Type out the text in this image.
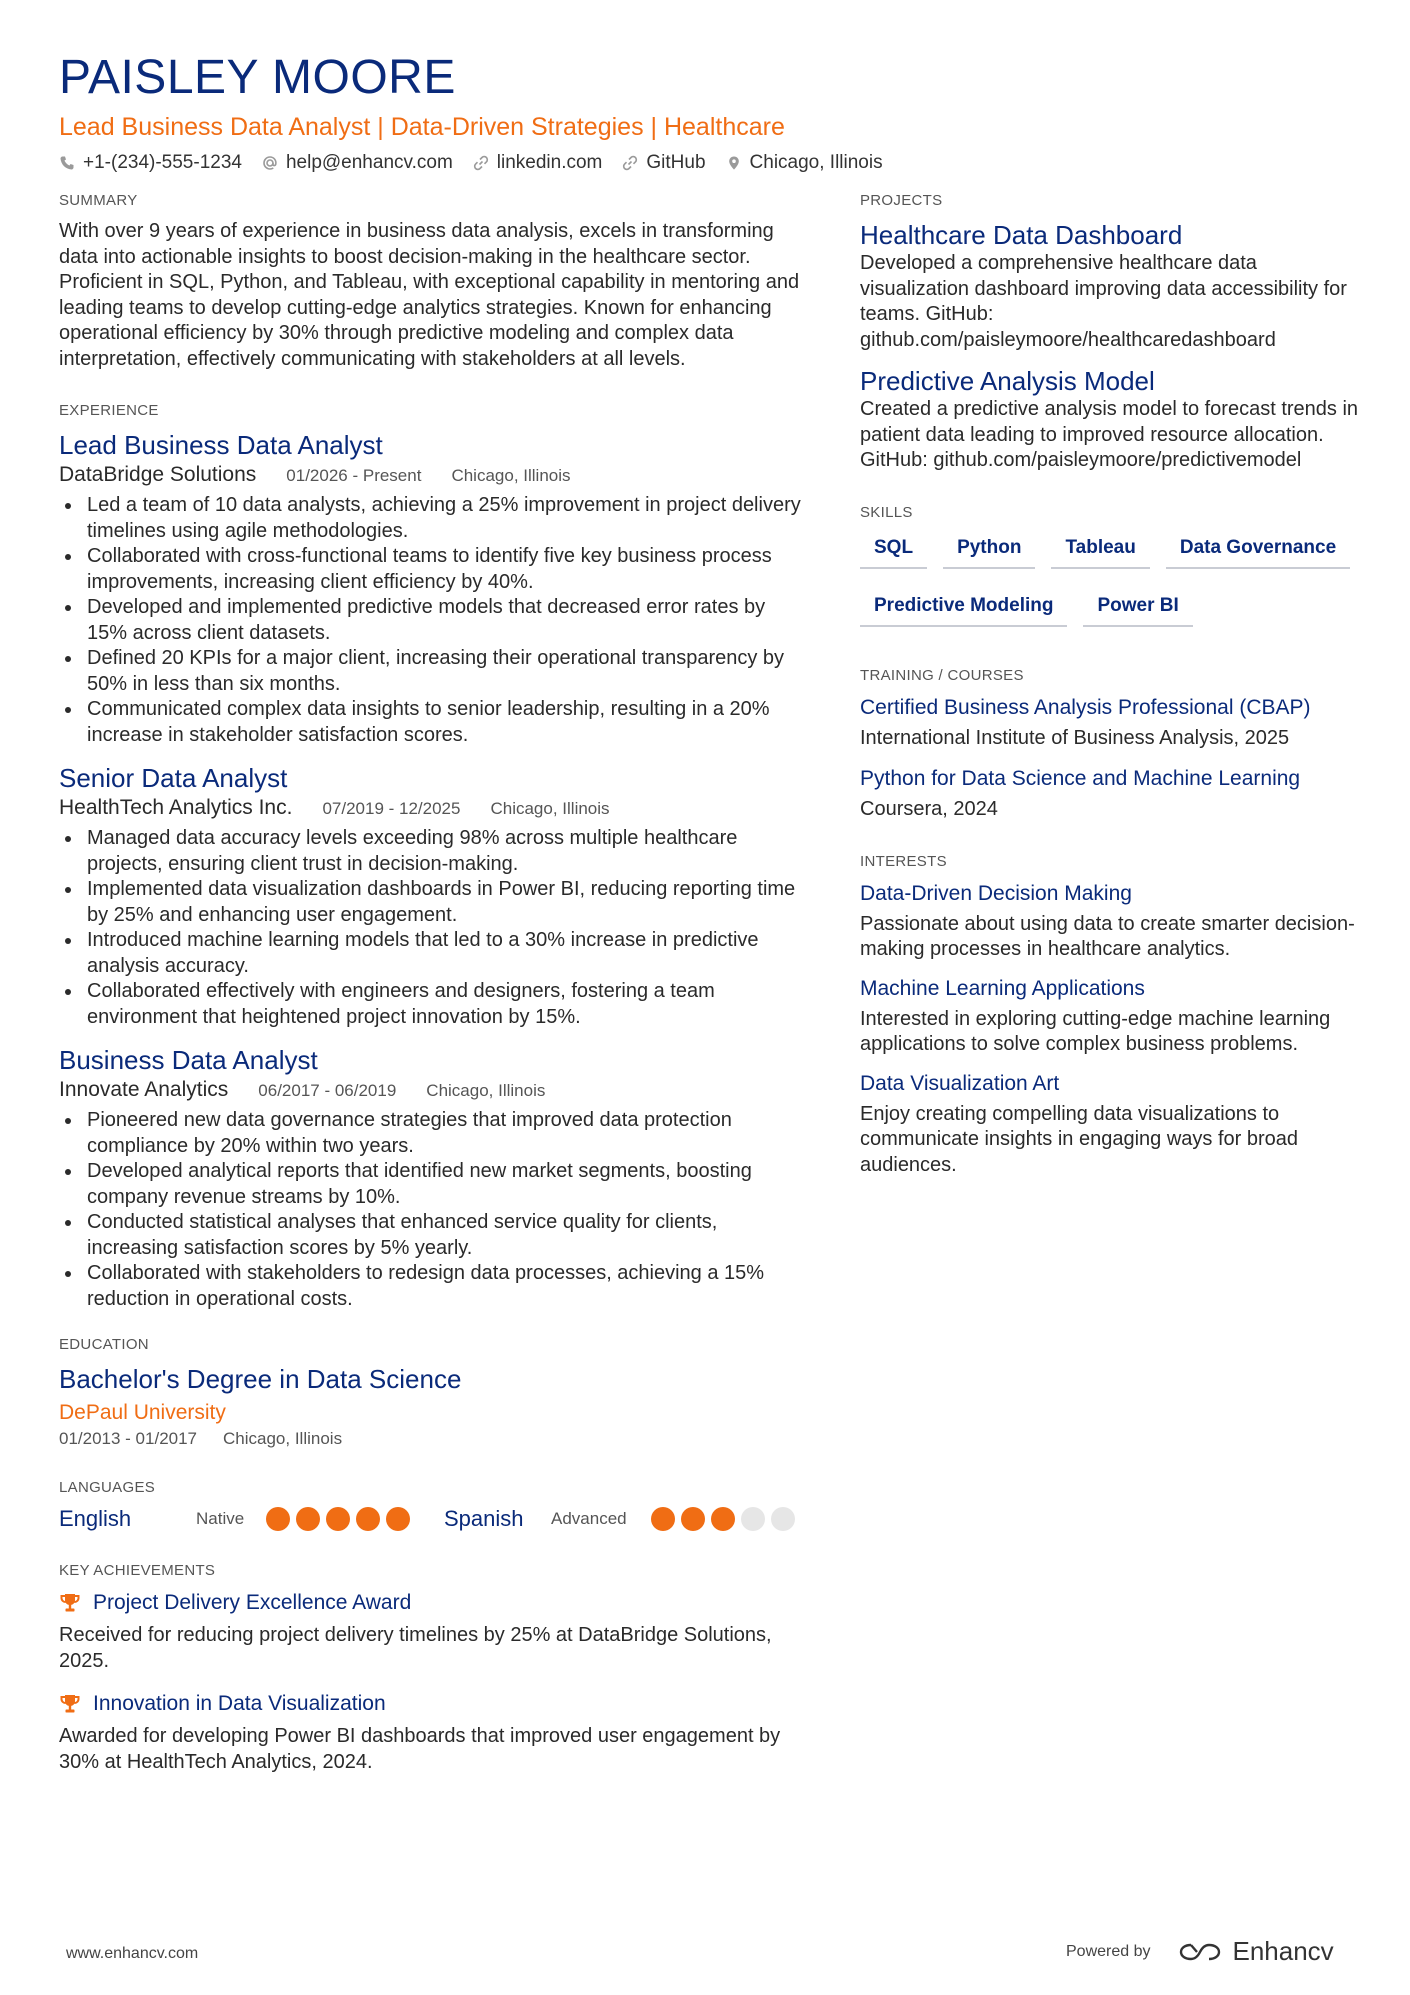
PAISLEY MOORE
Lead Business Data Analyst | Data-Driven Strategies | Healthcare
+1-(234)-555-1234 help@enhancv.com linkedin.com GitHub Chicago, Illinois
SUMMARY
With over 9 years of experience in business data analysis, excels in transforming data into actionable insights to boost decision-making in the healthcare sector. Proficient in SQL, Python, and Tableau, with exceptional capability in mentoring and leading teams to develop cutting-edge analytics strategies. Known for enhancing operational efficiency by 30% through predictive modeling and complex data interpretation, effectively communicating with stakeholders at all levels.
EXPERIENCE
Lead Business Data Analyst
DataBridge Solutions 01/2026 - Present Chicago, Illinois
Led a team of 10 data analysts, achieving a 25% improvement in project delivery timelines using agile methodologies.
Collaborated with cross-functional teams to identify five key business process improvements, increasing client efficiency by 40%.
Developed and implemented predictive models that decreased error rates by 15% across client datasets.
Defined 20 KPIs for a major client, increasing their operational transparency by 50% in less than six months.
Communicated complex data insights to senior leadership, resulting in a 20% increase in stakeholder satisfaction scores.
Senior Data Analyst
HealthTech Analytics Inc. 07/2019 - 12/2025 Chicago, Illinois
Managed data accuracy levels exceeding 98% across multiple healthcare projects, ensuring client trust in decision-making.
Implemented data visualization dashboards in Power BI, reducing reporting time by 25% and enhancing user engagement.
Introduced machine learning models that led to a 30% increase in predictive analysis accuracy.
Collaborated effectively with engineers and designers, fostering a team environment that heightened project innovation by 15%.
Business Data Analyst
Innovate Analytics 06/2017 - 06/2019 Chicago, Illinois
Pioneered new data governance strategies that improved data protection compliance by 20% within two years.
Developed analytical reports that identified new market segments, boosting company revenue streams by 10%.
Conducted statistical analyses that enhanced service quality for clients, increasing satisfaction scores by 5% yearly.
Collaborated with stakeholders to redesign data processes, achieving a 15% reduction in operational costs.
EDUCATION
Bachelor's Degree in Data Science
DePaul University
01/2013 - 01/2017 Chicago, Illinois
LANGUAGES
English	Native	Spanish	Advanced
KEY ACHIEVEMENTS
Project Delivery Excellence Award
Received for reducing project delivery timelines by 25% at DataBridge Solutions, 2025.
Innovation in Data Visualization
Awarded for developing Power BI dashboards that improved user engagement by 30% at HealthTech Analytics, 2024.
PROJECTS
Healthcare Data Dashboard
Developed a comprehensive healthcare data visualization dashboard improving data accessibility for teams. GitHub: github.com/paisleymoore/healthcaredashboard
Predictive Analysis Model
Created a predictive analysis model to forecast trends in patient data leading to improved resource allocation. GitHub: github.com/paisleymoore/predictivemodel
SKILLS
SQL	Python	Tableau	Data Governance
Predictive Modeling	Power BI
TRAINING / COURSES
Certified Business Analysis Professional (CBAP)
International Institute of Business Analysis, 2025
Python for Data Science and Machine Learning
Coursera, 2024
INTERESTS
Data-Driven Decision Making
Passionate about using data to create smarter decision-making processes in healthcare analytics.
Machine Learning Applications
Interested in exploring cutting-edge machine learning applications to solve complex business problems.
Data Visualization Art
Enjoy creating compelling data visualizations to communicate insights in engaging ways for broad audiences.
www.enhancv.com	Powered by	Enhancv
